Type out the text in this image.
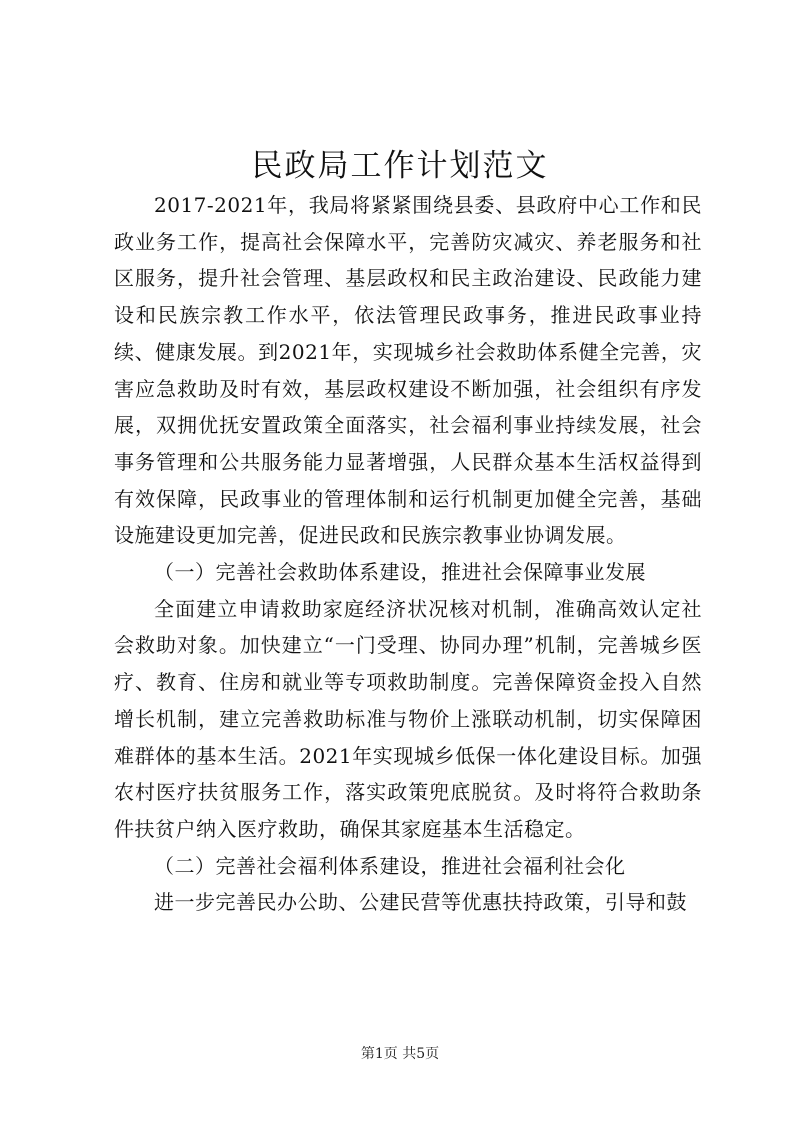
民政局工作计划范文

2017-2021年，我局将紧紧围绕县委、县政府中心工作和民政业务工作，提高社会保障水平，完善防灾减灾、养老服务和社区服务，提升社会管理、基层政权和民主政治建设、民政能力建设和民族宗教工作水平，依法管理民政事务，推进民政事业持续、健康发展。到2021年，实现城乡社会救助体系健全完善，灾害应急救助及时有效，基层政权建设不断加强，社会组织有序发展，双拥优抚安置政策全面落实，社会福利事业持续发展，社会事务管理和公共服务能力显著增强，人民群众基本生活权益得到有效保障，民政事业的管理体制和运行机制更加健全完善，基础设施建设更加完善，促进民政和民族宗教事业协调发展。

（一）完善社会救助体系建设，推进社会保障事业发展

全面建立申请救助家庭经济状况核对机制，准确高效认定社会救助对象。加快建立“一门受理、协同办理”机制，完善城乡医疗、教育、住房和就业等专项救助制度。完善保障资金投入自然增长机制，建立完善救助标准与物价上涨联动机制，切实保障困难群体的基本生活。2021年实现城乡低保一体化建设目标。加强农村医疗扶贫服务工作，落实政策兜底脱贫。及时将符合救助条件扶贫户纳入医疗救助，确保其家庭基本生活稳定。

（二）完善社会福利体系建设，推进社会福利社会化

进一步完善民办公助、公建民营等优惠扶持政策，引导和鼓

第1页 共5页
